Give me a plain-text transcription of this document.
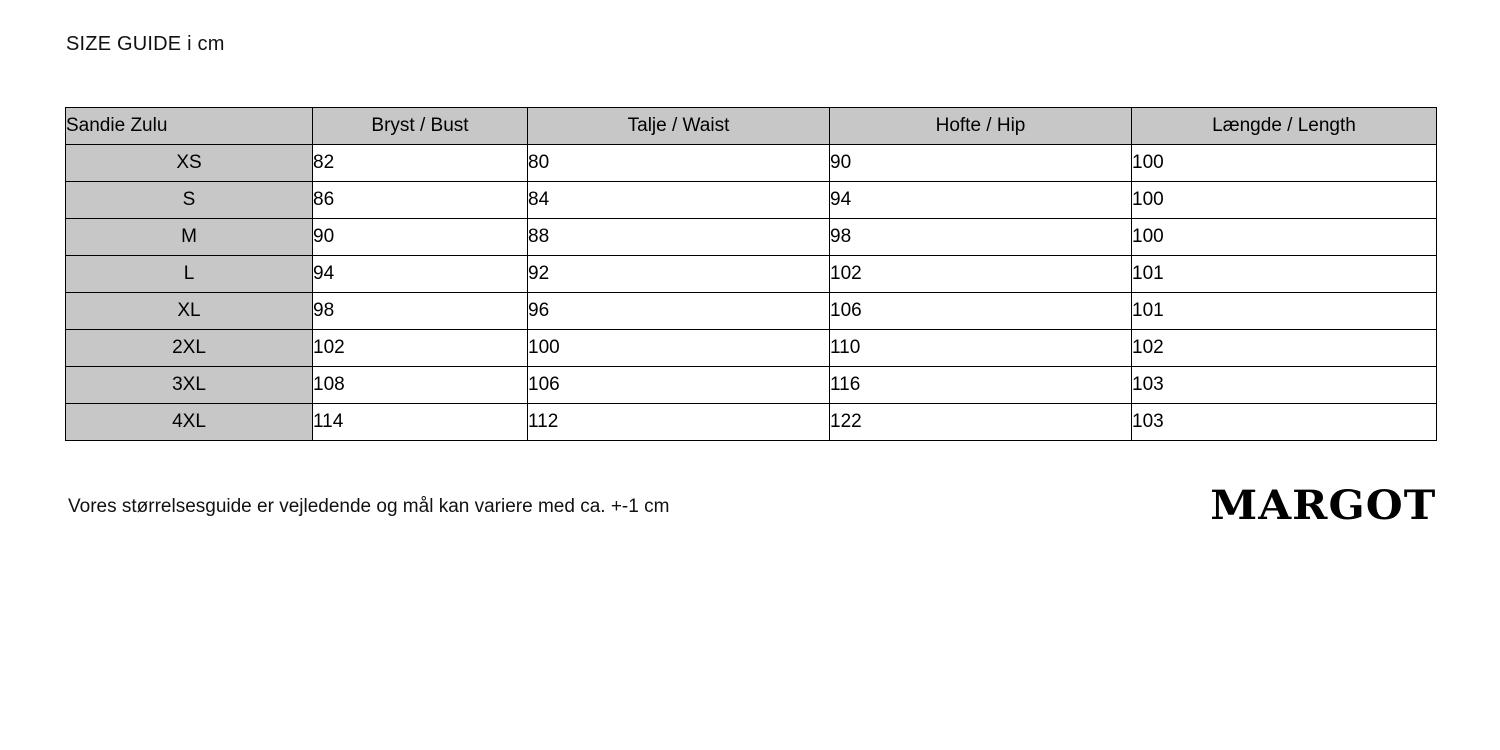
SIZE GUIDE i cm
Sandie Zulu	Bryst / Bust	Talje / Waist	Hofte / Hip	Længde / Length
XS	82	80	90	100
S	86	84	94	100
M	90	88	98	100
L	94	92	102	101
XL	98	96	106	101
2XL	102	100	110	102
3XL	108	106	116	103
4XL	114	112	122	103
Vores størrelsesguide er vejledende og mål kan variere med ca. +-1 cm	MARGOT
